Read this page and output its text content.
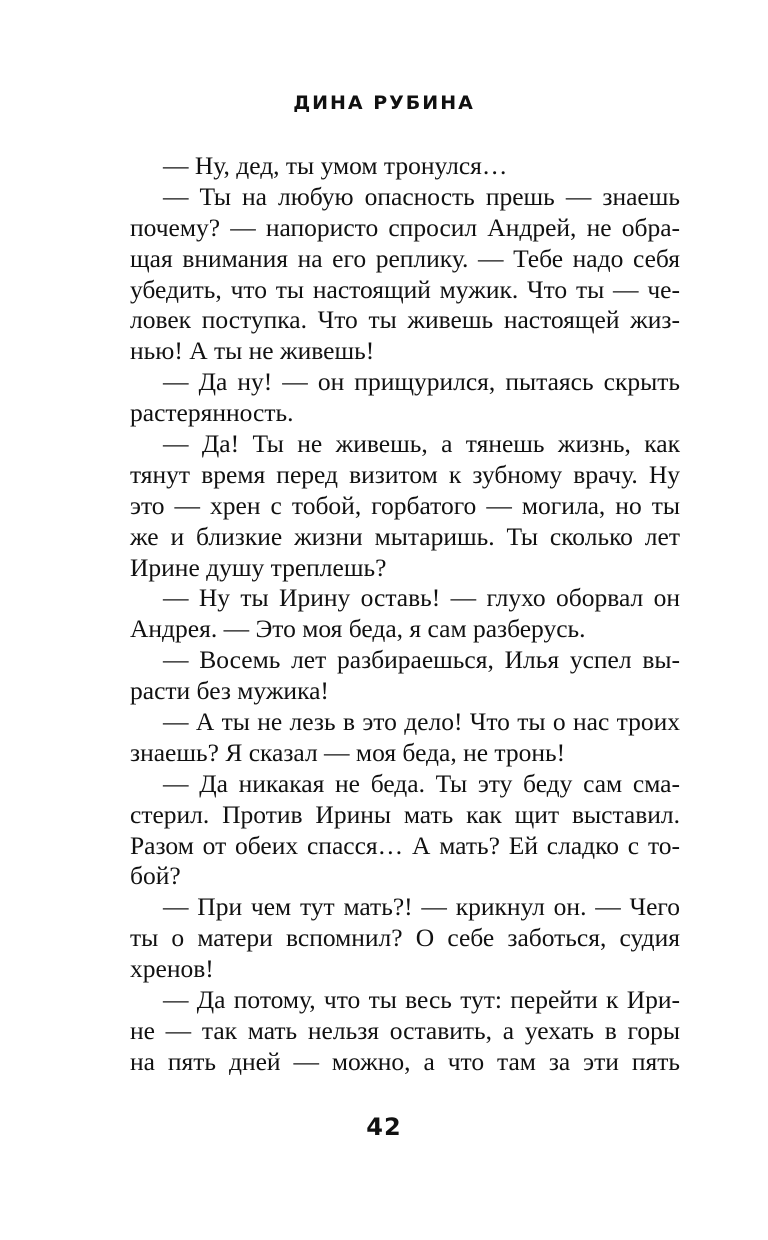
ДИНА РУБИНА
— Ну, дед, ты умом тронулся…
— Ты на любую опасность прешь — знаешь
почему? — напористо спросил Андрей, не обра-
щая внимания на его реплику. — Тебе надо себя
убедить, что ты настоящий мужик. Что ты — че-
ловек поступка. Что ты живешь настоящей жиз-
нью! А ты не живешь!
— Да ну! — он прищурился, пытаясь скрыть
растерянность.
— Да! Ты не живешь, а тянешь жизнь, как
тянут время перед визитом к зубному врачу. Ну
это — хрен с тобой, горбатого — могила, но ты
же и близкие жизни мытаришь. Ты сколько лет
Ирине душу треплешь?
— Ну ты Ирину оставь! — глухо оборвал он
Андрея. — Это моя беда, я сам разберусь.
— Восемь лет разбираешься, Илья успел вы-
расти без мужика!
— А ты не лезь в это дело! Что ты о нас троих
знаешь? Я сказал — моя беда, не тронь!
— Да никакая не беда. Ты эту беду сам сма-
стерил. Против Ирины мать как щит выставил.
Разом от обеих спасся… А мать? Ей сладко с то-
бой?
— При чем тут мать?! — крикнул он. — Чего
ты о матери вспомнил? О себе заботься, судия
хренов!
— Да потому, что ты весь тут: перейти к Ири-
не — так мать нельзя оставить, а уехать в горы
на пять дней — можно, а что там за эти пять
42
